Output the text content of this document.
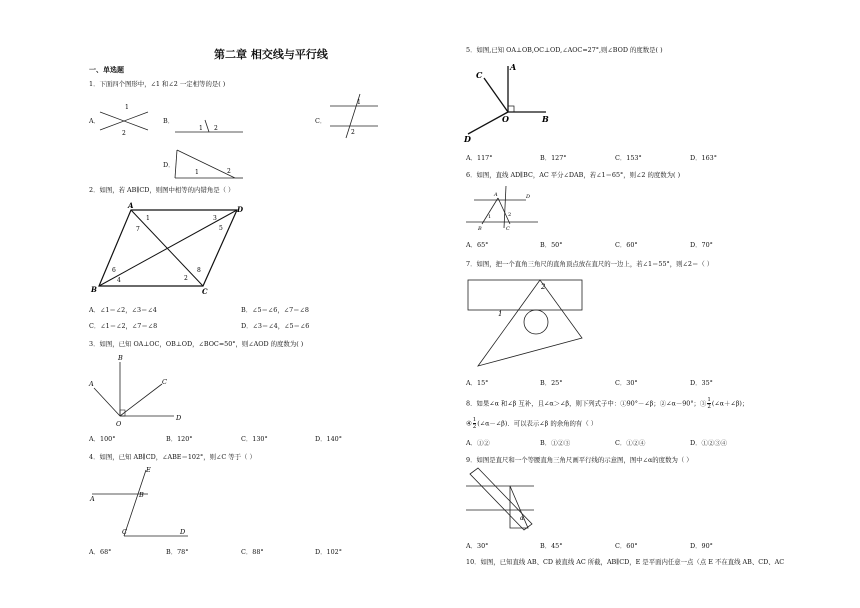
第二章 相交线与平行线
一、单选题
1．下面四个图形中，∠1 和∠2 一定相等的是( )
A．
1
2
B．
1 2
C．
1
2
D．
1	2
2．如图，若 AB∥CD，则图中相等的内错角是（ ）
A	D
B	C
1
7
3
5
6
4	2
8
A．∠1＝∠2，∠3＝∠4	B．∠5＝∠6，∠7＝∠8
C．∠1＝∠2，∠7＝∠8	D．∠3＝∠4，∠5＝∠6
3．如图，已知 OA⊥OC，OB⊥OD，∠BOC=50°，则∠AOD 的度数为( )
B
C
A
O
D
A．100°	B．120°	C．130°	D．140°
4．如图，已知 AB∥CD，∠ABE＝102°，则∠C 等于（ ）
E
A	B
C	D
A．68°	B．78°	C．88°	D．102°
5．如图,已知 OA⊥OB,OC⊥OD,∠AOC=27°,则∠BOD 的度数是( )
C
A
O	B
D
A．117°	B．127°	C．153°	D．163°
6．如图，直线 AD∥BC，AC 平分∠DAB，若∠1＝65°，则∠2 的度数为( )
A	D
1	2
B	C
A．65°	B．50°	C．60°	D．70°
7．如图，把一个直角三角尺的直角顶点放在直尺的一边上，若∠1＝55°，则∠2＝（ ）
2
1
A．15°	B．25°	C．30°	D．35°
8．如果∠α 和∠β 互补，且∠α＞∠β，则下列式子中：①90°－∠β；②∠α－90°；③ $\frac{1}{2}$ (∠α＋∠β)；
④ $\frac{1}{2}$ (∠α－∠β)．可以表示∠β 的余角的有（ ）
A．①②	B．①②③	C．①②④	D．①②③④
9．如图是直尺和一个等腰直角三角尺画平行线的示意图，图中∠α的度数为（ ）
α
A．30°	B．45°	C．60°	D．90°
10．如图，已知直线 AB、CD 被直线 AC 所截，AB∥CD，E 是平面内任意一点（点 E 不在直线 AB、CD、AC
